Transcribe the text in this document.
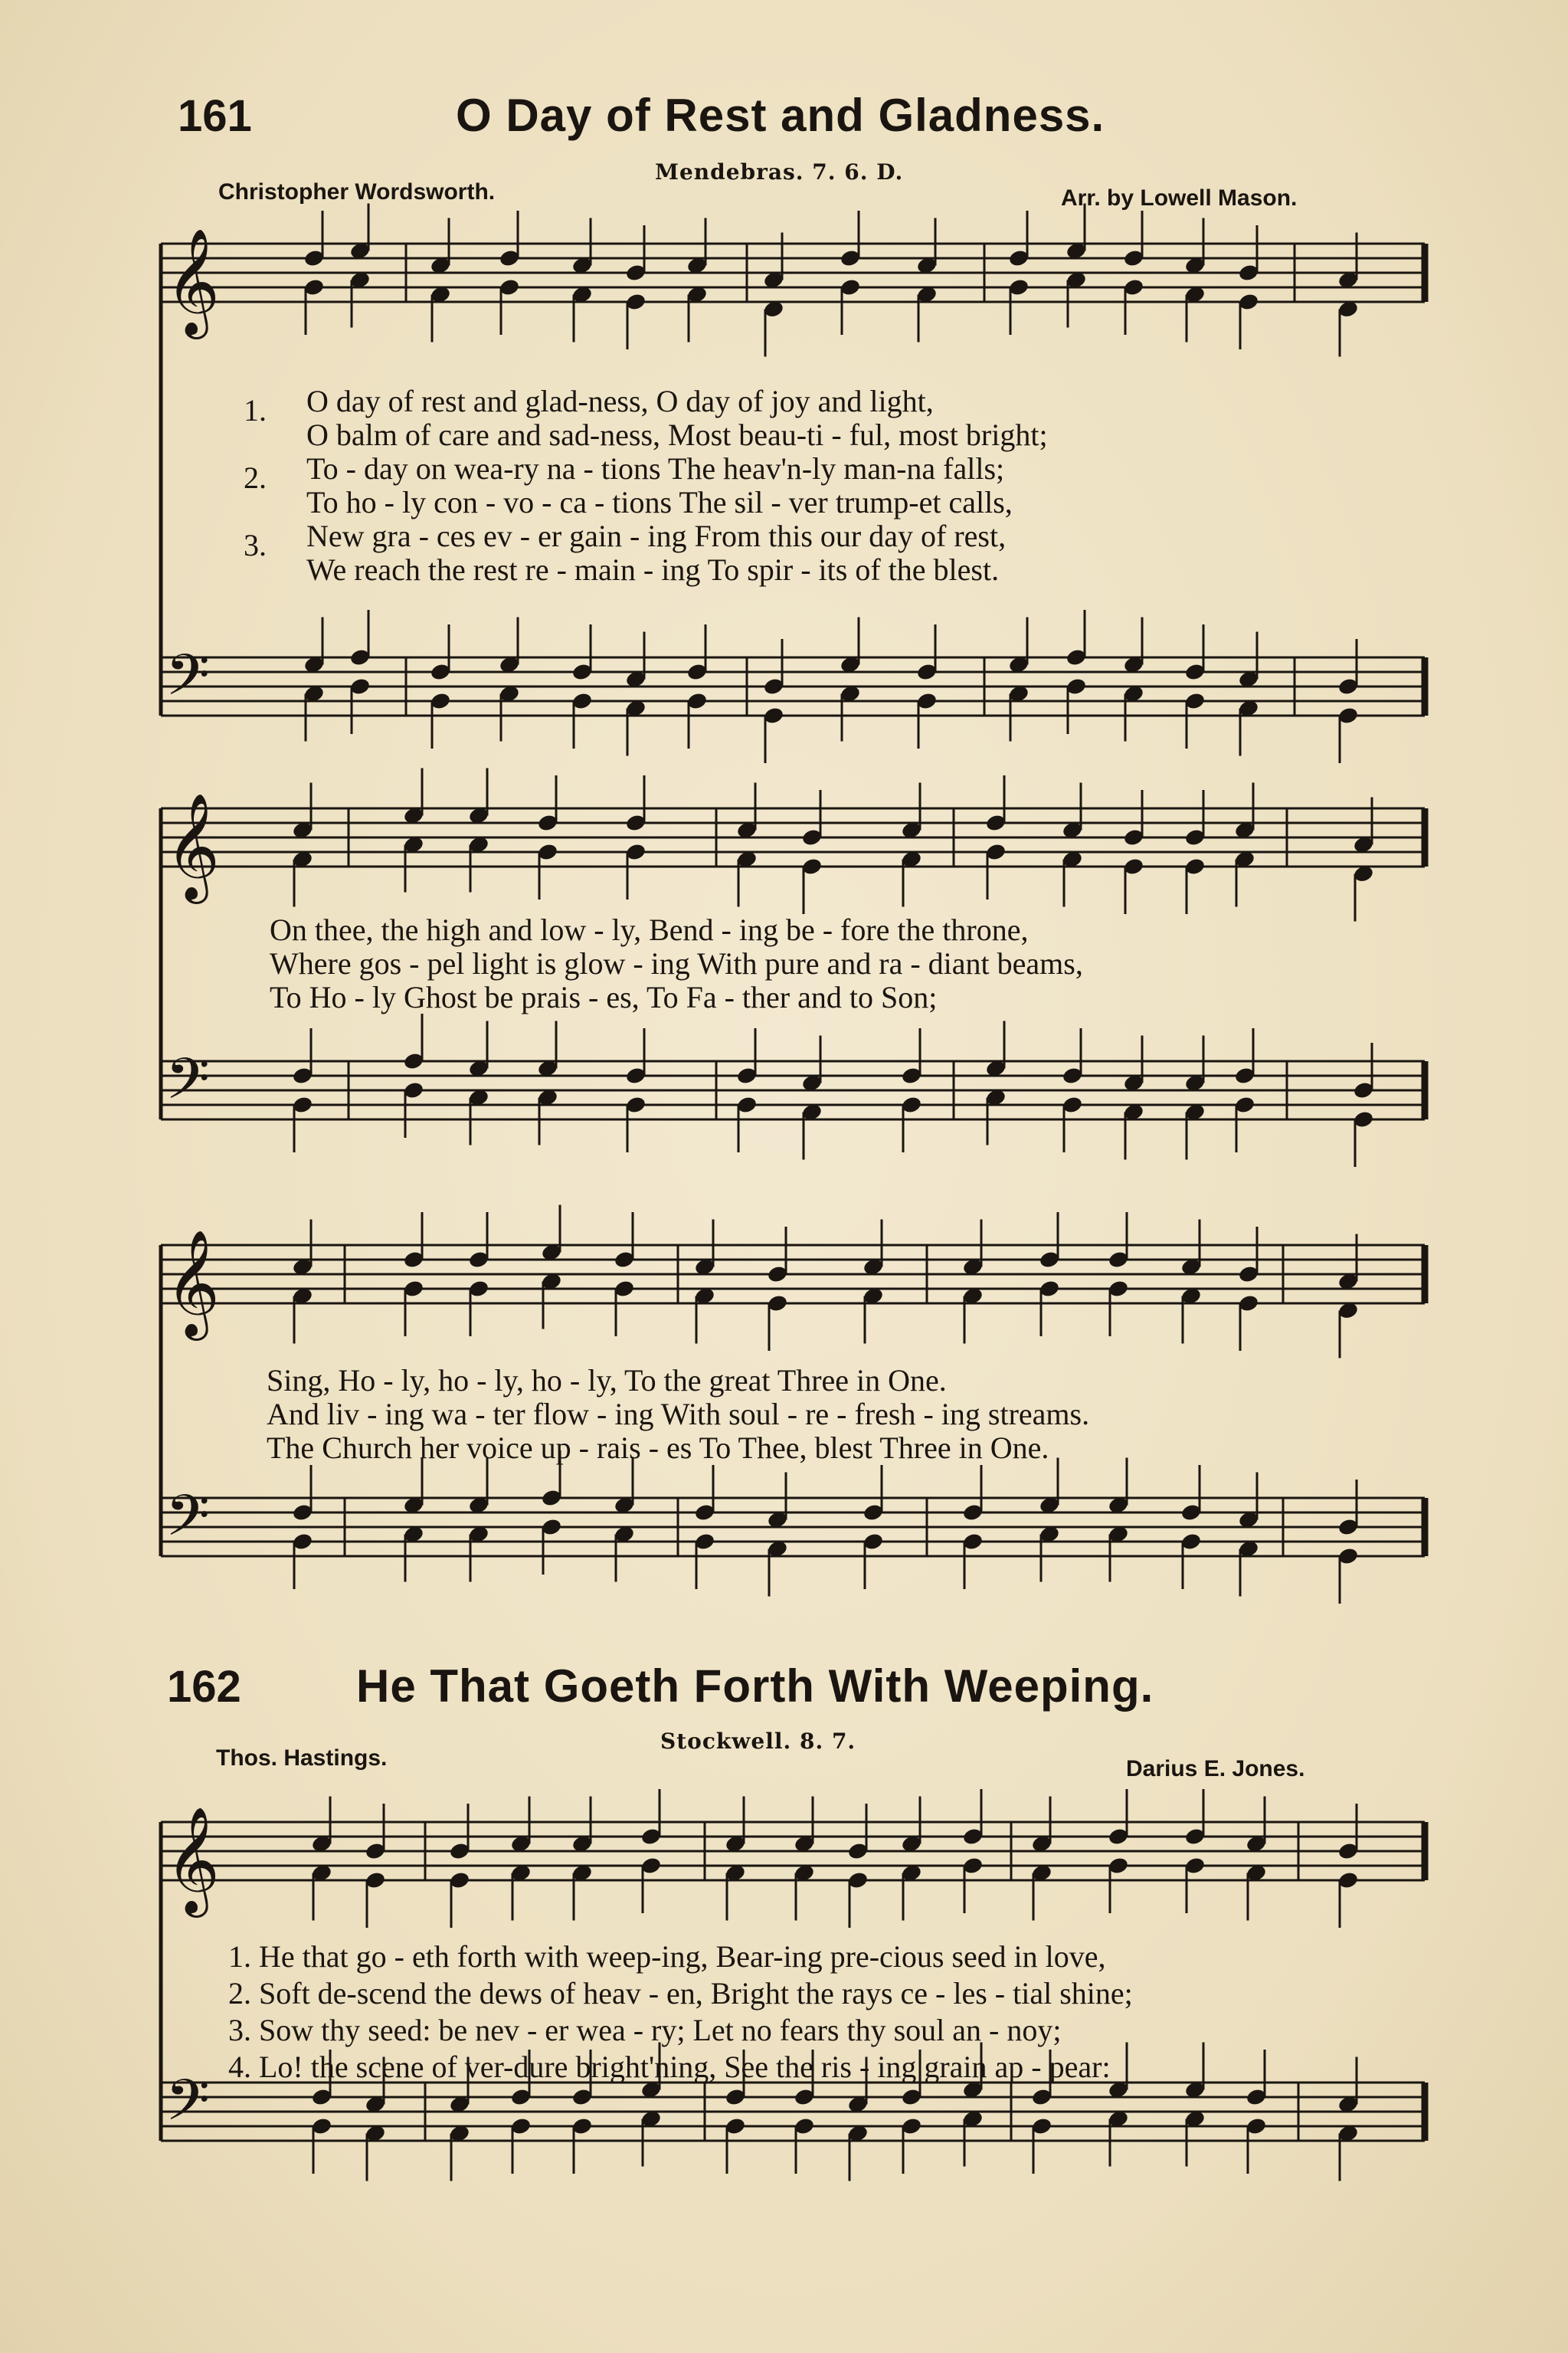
161	O Day of Rest and Gladness.
Mendebras. 7. 6. D.
Christopher Wordsworth.	Arr. by Lowell Mason.
𝄞
𝄢
𝄞
𝄢
𝄞
𝄢
𝄞
𝄢
1.
2.
3.
O day of rest and glad-ness, O day of joy and light,
O balm of care and sad-ness, Most beau-ti - ful, most bright;
To - day on wea-ry na - tions The heav'n-ly man-na falls;
To ho - ly con - vo - ca - tions The sil - ver trump-et calls,
New gra - ces ev - er gain - ing From this our day of rest,
We reach the rest re - main - ing To spir - its of the blest.
On thee, the high and low - ly, Bend - ing be - fore the throne,
Where gos - pel light is glow - ing With pure and ra - diant beams,
To Ho - ly Ghost be prais - es, To Fa - ther and to Son;
Sing, Ho - ly, ho - ly, ho - ly, To the great Three in One.
And liv - ing wa - ter flow - ing With soul - re - fresh - ing streams.
The Church her voice up - rais - es To Thee, blest Three in One.
162	He That Goeth Forth With Weeping.
Stockwell. 8. 7.
Thos. Hastings.	Darius E. Jones.
1. He that go - eth forth with weep-ing, Bear-ing pre-cious seed in love,
2. Soft de-scend the dews of heav - en, Bright the rays ce - les - tial shine;
3. Sow thy seed: be nev - er wea - ry; Let no fears thy soul an - noy;
4. Lo! the scene of ver-dure bright'ning, See the ris - ing grain ap - pear:
